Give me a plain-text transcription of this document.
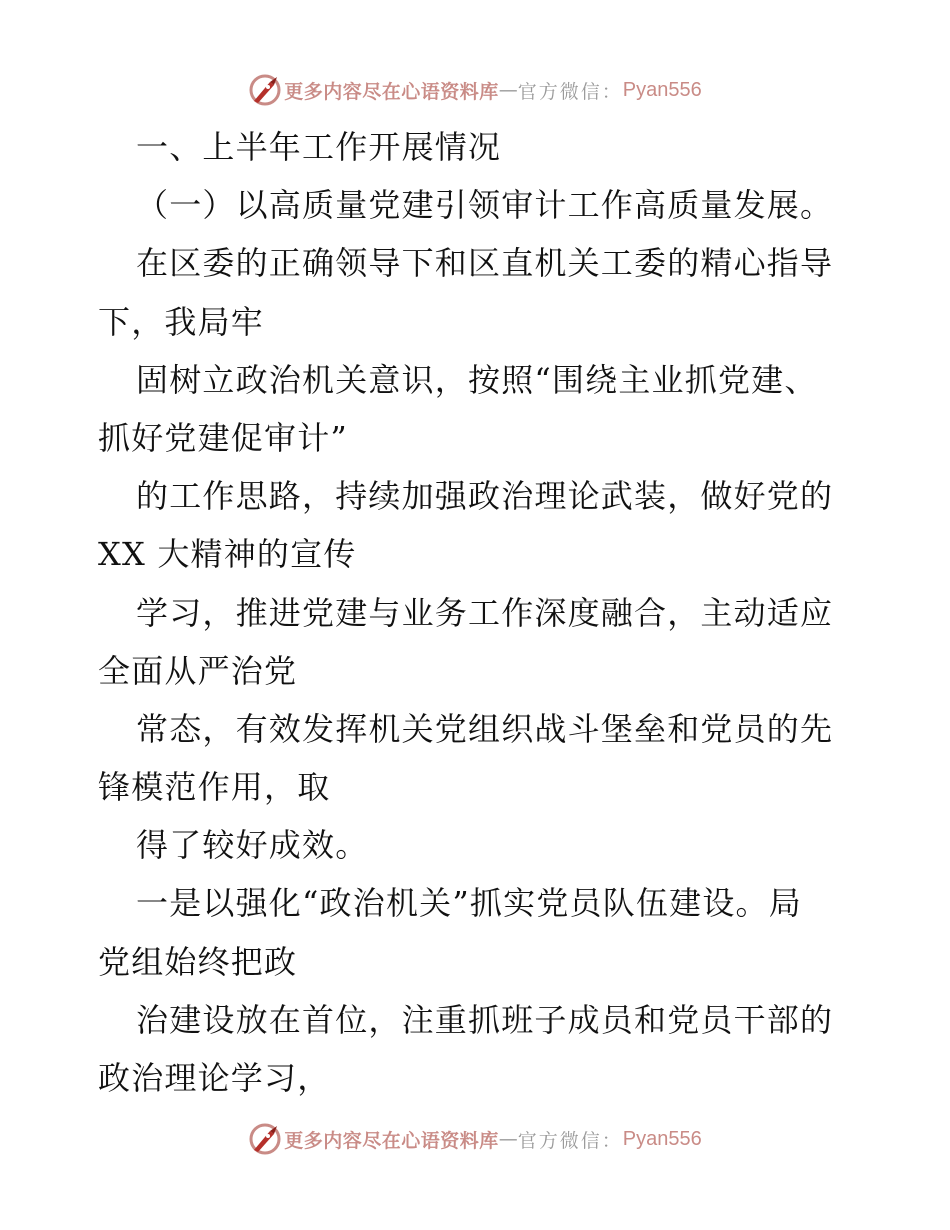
更多内容尽在心语资料库 — 官方微信： Pyan556
一、上半年工作开展情况
（一）以高质量党建引领审计工作高质量发展。
在区委的正确领导下和区直机关工委的精心指导
下，我局牢
固树立政治机关意识，按照“围绕主业抓党建、
抓好党建促审计”
的工作思路，持续加强政治理论武装，做好党的
XX 大精神的宣传
学习，推进党建与业务工作深度融合，主动适应
全面从严治党
常态，有效发挥机关党组织战斗堡垒和党员的先
锋模范作用，取
得了较好成效。
一是以强化“政治机关”抓实党员队伍建设。局
党组始终把政
治建设放在首位，注重抓班子成员和党员干部的
政治理论学习，
更多内容尽在心语资料库 — 官方微信： Pyan556
